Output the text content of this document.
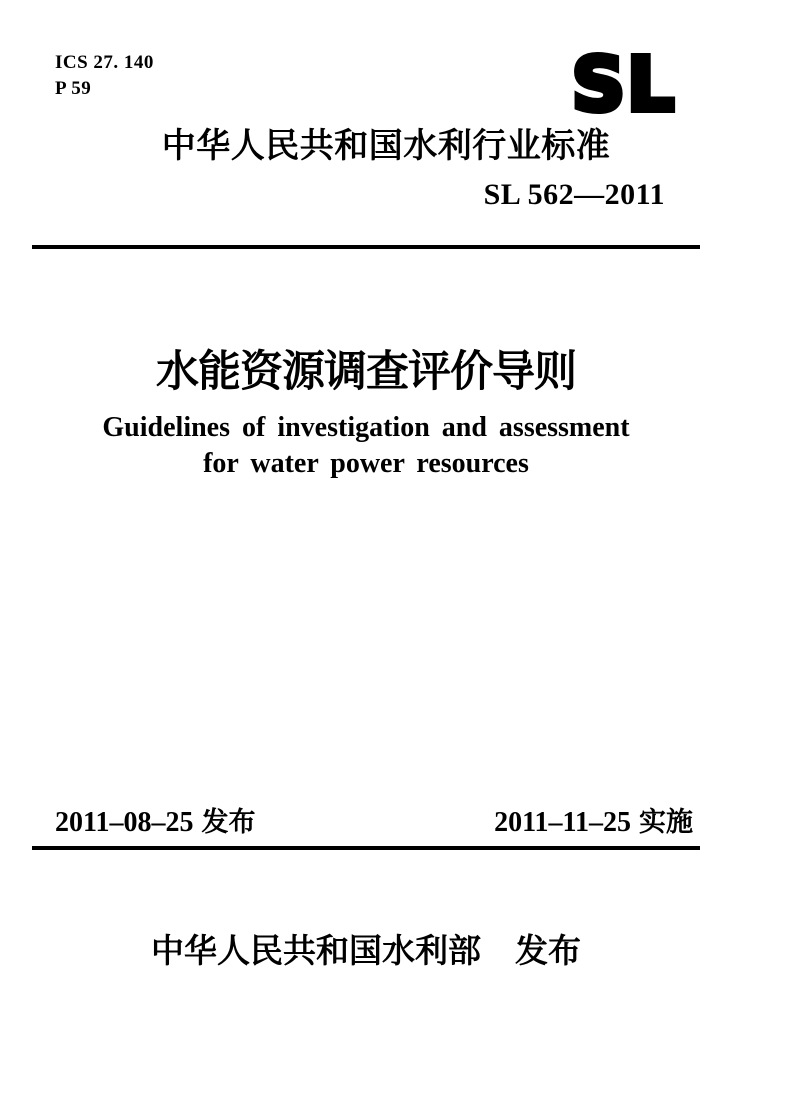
ICS 27. 140
P 59	SL
中华人民共和国水利行业标准
SL 562—2011
水能资源调查评价导则
Guidelines of investigation and assessment
for water power resources
2011–08–25 发布	2011–11–25 实施
中华人民共和国水利部 发布
